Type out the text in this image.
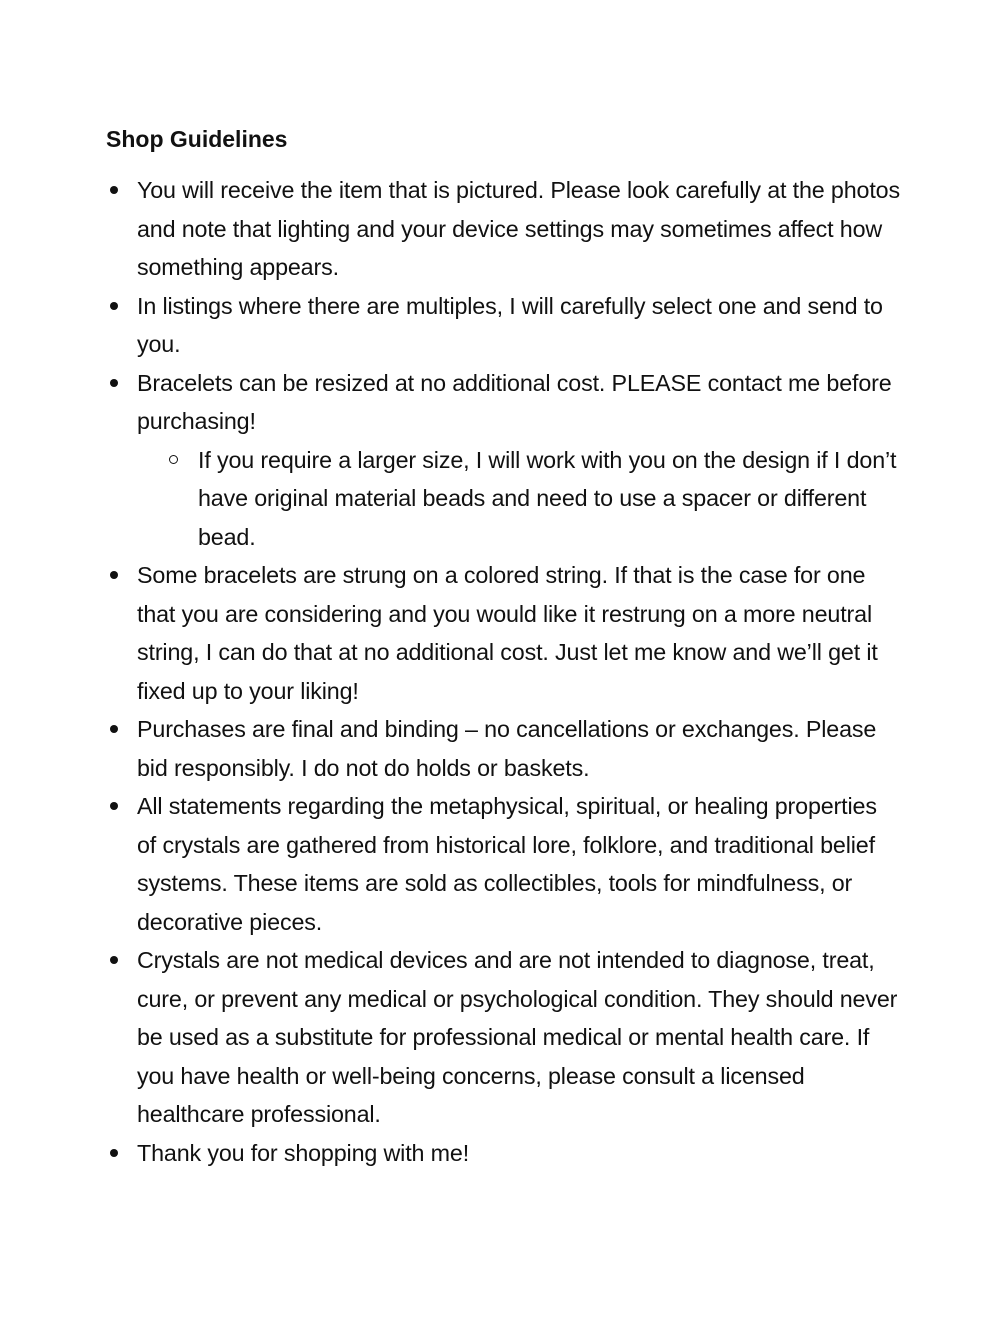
Shop Guidelines
You will receive the item that is pictured. Please look carefully at the photos and note that lighting and your device settings may sometimes affect how something appears.
In listings where there are multiples, I will carefully select one and send to you.
Bracelets can be resized at no additional cost. PLEASE contact me before purchasing!
If you require a larger size, I will work with you on the design if I don’t have original material beads and need to use a spacer or different bead.
Some bracelets are strung on a colored string. If that is the case for one that you are considering and you would like it restrung on a more neutral string, I can do that at no additional cost. Just let me know and we’ll get it fixed up to your liking!
Purchases are final and binding – no cancellations or exchanges. Please bid responsibly. I do not do holds or baskets.
All statements regarding the metaphysical, spiritual, or healing properties of crystals are gathered from historical lore, folklore, and traditional belief systems. These items are sold as collectibles, tools for mindfulness, or decorative pieces.
Crystals are not medical devices and are not intended to diagnose, treat, cure, or prevent any medical or psychological condition. They should never be used as a substitute for professional medical or mental health care. If you have health or well-being concerns, please consult a licensed healthcare professional.
Thank you for shopping with me!
